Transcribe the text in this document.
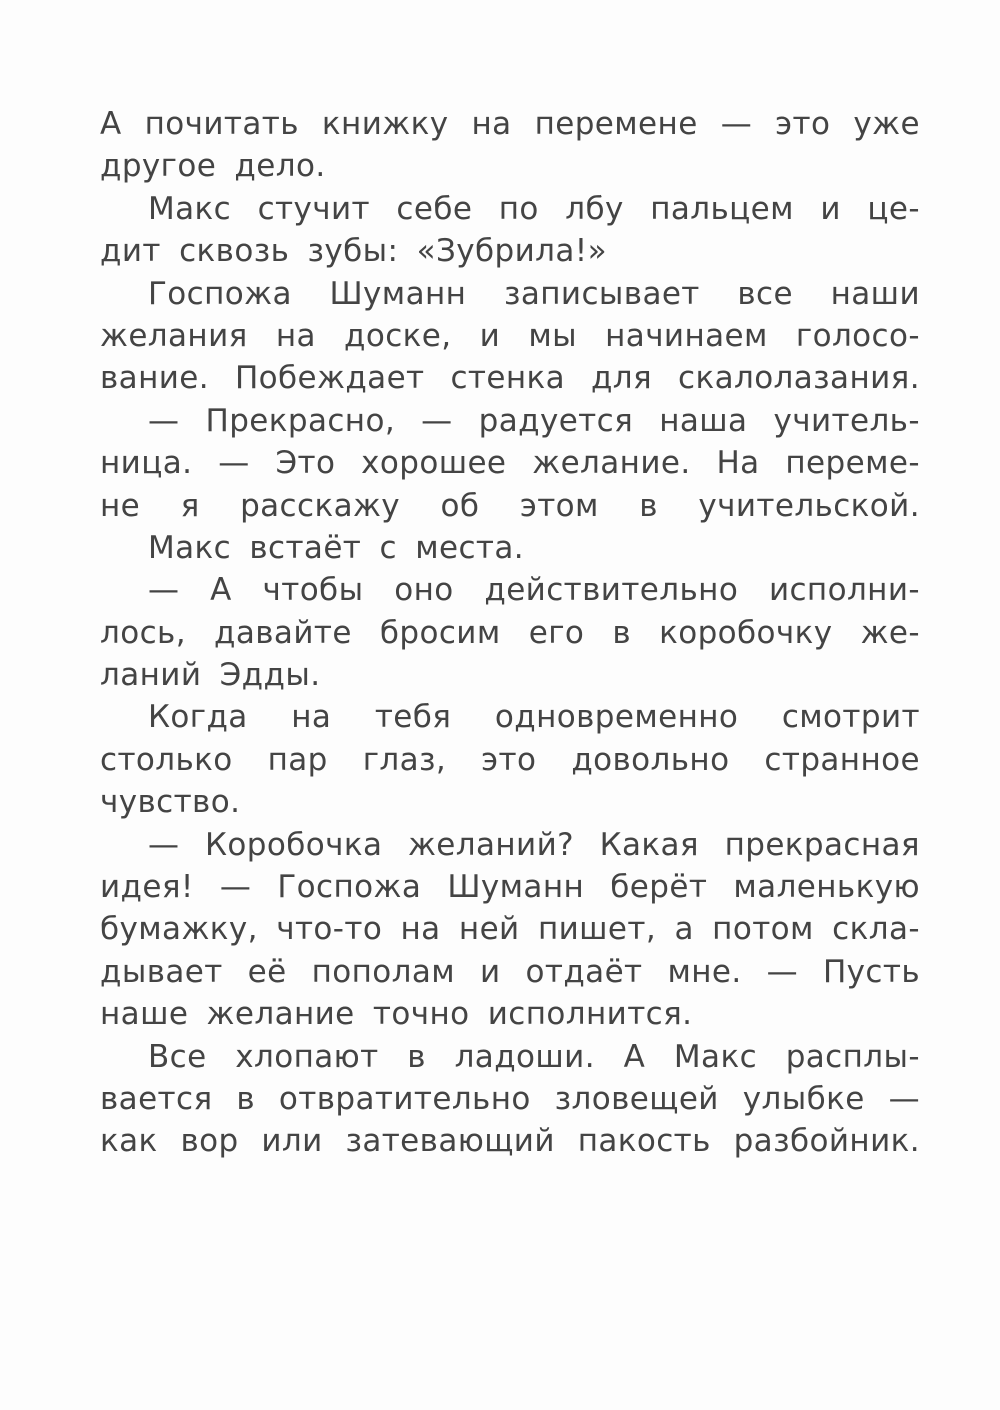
А почитать книжку на перемене — это уже
другое дело.
Макс стучит себе по лбу пальцем и це-
дит сквозь зубы: «Зубрила!»
Госпожа Шуманн записывает все наши
желания на доске, и мы начинаем голосо-
вание. Побеждает стенка для скалолазания.
— Прекрасно, — радуется наша учитель-
ница. — Это хорошее желание. На переме-
не я расскажу об этом в учительской.
Макс встаёт с места.
— А чтобы оно действительно исполни-
лось, давайте бросим его в коробочку же-
ланий Эдды.
Когда на тебя одновременно смотрит
столько пар глаз, это довольно странное
чувство.
— Коробочка желаний? Какая прекрасная
идея! — Госпожа Шуманн берёт маленькую
бумажку, что-то на ней пишет, а потом скла-
дывает её пополам и отдаёт мне. — Пусть
наше желание точно исполнится.
Все хлопают в ладоши. А Макс расплы-
вается в отвратительно зловещей улыбке —
как вор или затевающий пакость разбойник.
